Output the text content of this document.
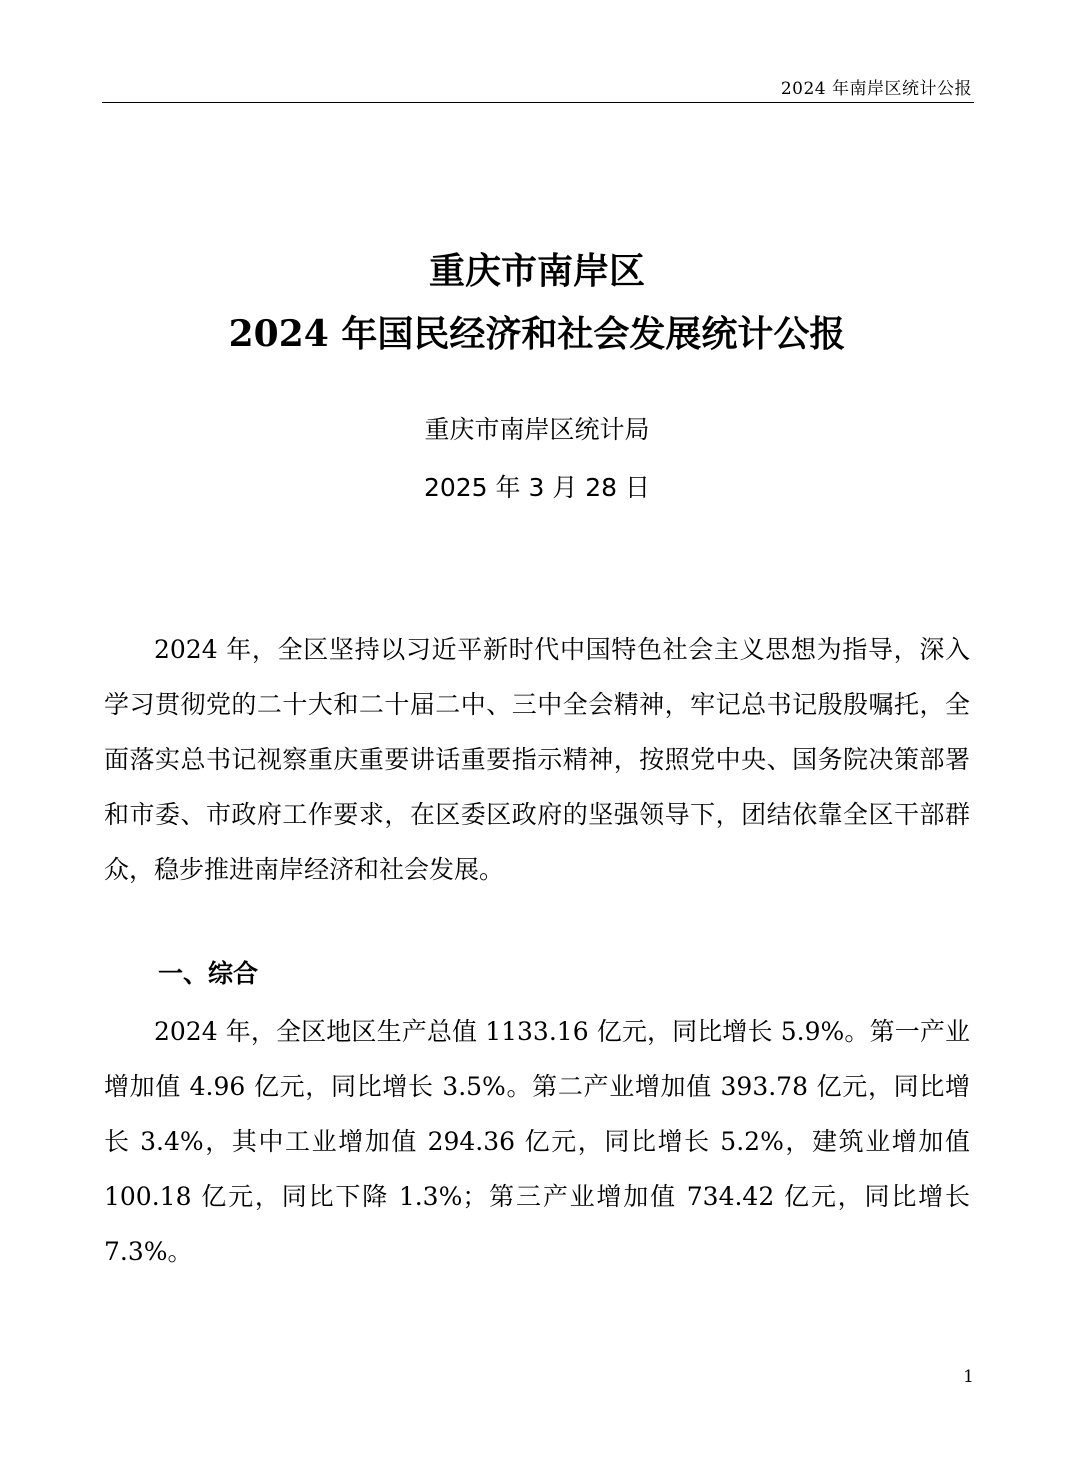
2024 年南岸区统计公报
重庆市南岸区
2024 年国民经济和社会发展统计公报
重庆市南岸区统计局
2025 年 3 月 28 日

2024 年，全区坚持以习近平新时代中国特色社会主义思想为指导，深入学习贯彻党的二十大和二十届二中、三中全会精神，牢记总书记殷殷嘱托，全面落实总书记视察重庆重要讲话重要指示精神，按照党中央、国务院决策部署和市委、市政府工作要求，在区委区政府的坚强领导下，团结依靠全区干部群众，稳步推进南岸经济和社会发展。

一、综合

2024 年，全区地区生产总值 1133.16 亿元，同比增长 5.9%。第一产业增加值 4.96 亿元，同比增长 3.5%。第二产业增加值 393.78 亿元，同比增长 3.4%，其中工业增加值 294.36 亿元，同比增长 5.2%，建筑业增加值 100.18 亿元，同比下降 1.3%；第三产业增加值 734.42 亿元，同比增长 7.3%。

1
